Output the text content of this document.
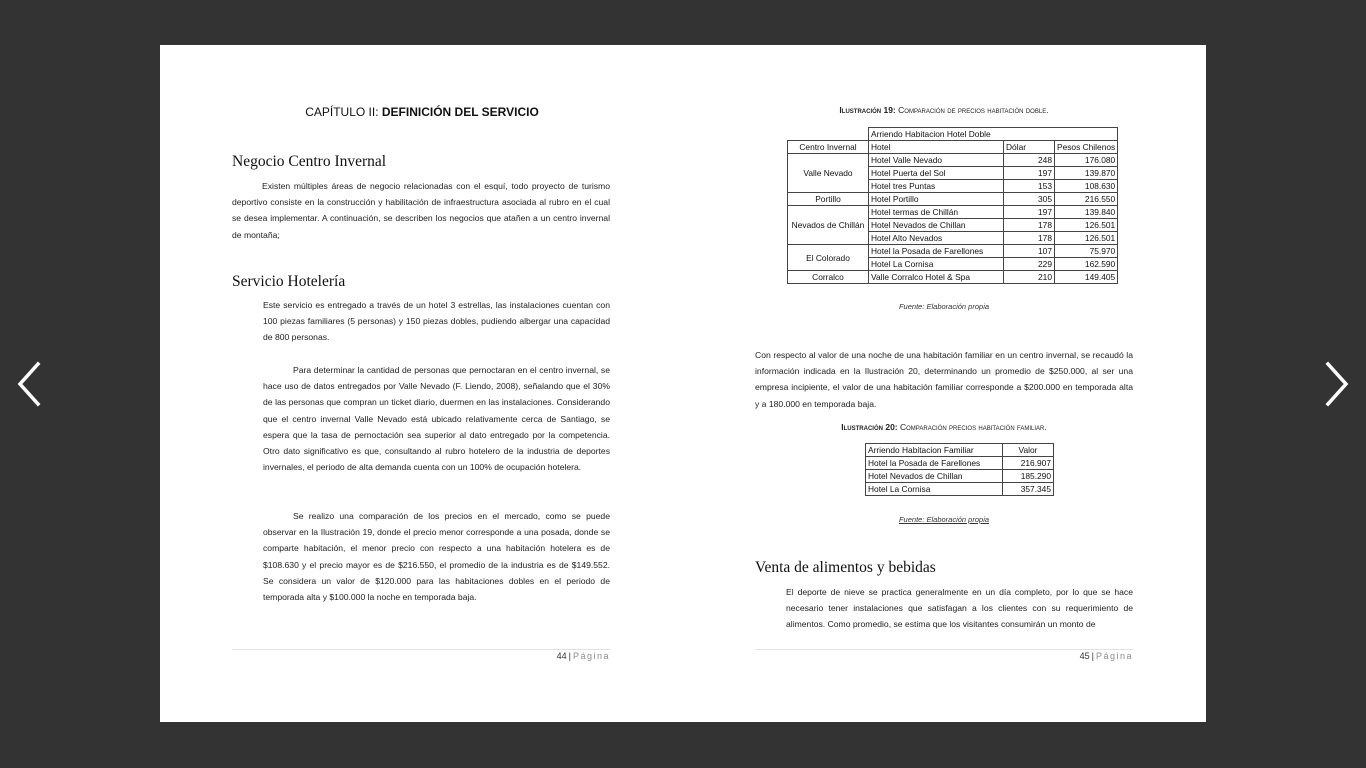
CAPÍTULO II: DEFINICIÓN DEL SERVICIO
Negocio Centro Invernal

Existen múltiples áreas de negocio relacionadas con el esquí, todo proyecto de turismo deportivo consiste en la construcción y habilitación de infraestructura asociada al rubro en el cual se desea implementar. A continuación, se describen los negocios que atañen a un centro invernal de montaña;

Servicio Hotelería

Este servicio es entregado a través de un hotel 3 estrellas, las instalaciones cuentan con 100 piezas familiares (5 personas) y 150 piezas dobles, pudiendo albergar una capacidad de 800 personas.

Para determinar la cantidad de personas que pernoctaran en el centro invernal, se hace uso de datos entregados por Valle Nevado (F. Liendo, 2008), señalando que el 30% de las personas que compran un ticket diario, duermen en las instalaciones. Considerando que el centro invernal Valle Nevado está ubicado relativamente cerca de Santiago, se espera que la tasa de pernoctación sea superior al dato entregado por la competencia. Otro dato significativo es que, consultando al rubro hotelero de la industria de deportes invernales, el periodo de alta demanda cuenta con un 100% de ocupación hotelera.

Se realizo una comparación de los precios en el mercado, como se puede observar en la Ilustración 19, donde el precio menor corresponde a una posada, donde se comparte habitación, el menor precio con respecto a una habitación hotelera es de $108.630 y el precio mayor es de $216.550, el promedio de la industria es de $149.552. Se considera un valor de $120.000 para las habitaciones dobles en el periodo de temporada alta y $100.000 la noche en temporada baja.

44 | Página
Ilustración 19: Comparación de precios habitación doble.
	Arriendo Habitacion Hotel Doble		
Centro Invernal	Hotel	Dólar	Pesos Chilenos
Valle Nevado	Hotel Valle Nevado	248	176.080
	Hotel Puerta del Sol	197	139.870
	Hotel tres Puntas	153	108.630
Portillo	Hotel Portillo	305	216.550
Nevados de Chillán	Hotel termas de Chillán	197	139.840
	Hotel Nevados de Chillan	178	126.501
	Hotel Alto Nevados	178	126.501
El Colorado	Hotel la Posada de Farellones	107	75.970
	Hotel La Cornisa	229	162.590
Corralco	Valle Corralco Hotel & Spa	210	149.405
Fuente: Elaboración propia

Con respecto al valor de una noche de una habitación familiar en un centro invernal, se recaudó la información indicada en la Ilustración 20, determinando un promedio de $250.000, al ser una empresa incipiente, el valor de una habitación familiar corresponde a $200.000 en temporada alta y a 180.000 en temporada baja.

Ilustración 20: Comparación precios habitación familiar.
Arriendo Habitacion Familiar	Valor
Hotel la Posada de Farellones	216.907
Hotel Nevados de Chillan	185.290
Hotel La Cornisa	357.345
Fuente: Elaboración propia
Venta de alimentos y bebidas

El deporte de nieve se practica generalmente en un día completo, por lo que se hace necesario tener instalaciones que satisfagan a los clientes con su requerimiento de alimentos. Como promedio, se estima que los visitantes consumirán un monto de

45 | Página
